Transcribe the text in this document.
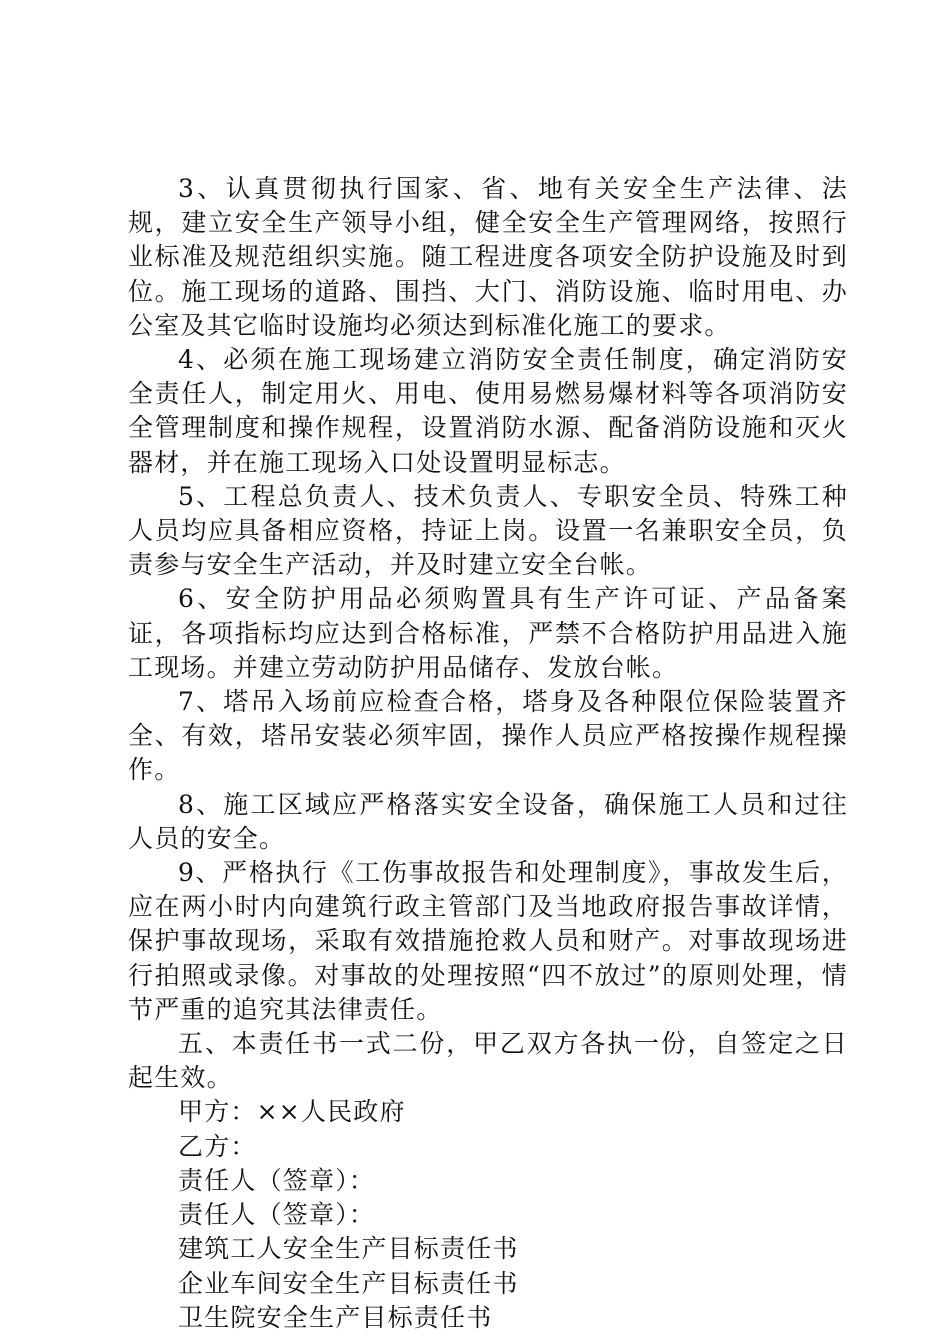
3、认真贯彻执行国家、省、地有关安全生产法律、法规，建立安全生产领导小组，健全安全生产管理网络，按照行业标准及规范组织实施。随工程进度各项安全防护设施及时到位。施工现场的道路、围挡、大门、消防设施、临时用电、办公室及其它临时设施均必须达到标准化施工的要求。

4、必须在施工现场建立消防安全责任制度，确定消防安全责任人，制定用火、用电、使用易燃易爆材料等各项消防安全管理制度和操作规程，设置消防水源、配备消防设施和灭火器材，并在施工现场入口处设置明显标志。

5、工程总负责人、技术负责人、专职安全员、特殊工种人员均应具备相应资格，持证上岗。设置一名兼职安全员，负责参与安全生产活动，并及时建立安全台帐。

6、安全防护用品必须购置具有生产许可证、产品备案证，各项指标均应达到合格标准，严禁不合格防护用品进入施工现场。并建立劳动防护用品储存、发放台帐。

7、塔吊入场前应检查合格，塔身及各种限位保险装置齐全、有效，塔吊安装必须牢固，操作人员应严格按操作规程操作。

8、施工区域应严格落实安全设备，确保施工人员和过往人员的安全。

9、严格执行《工伤事故报告和处理制度》，事故发生后，应在两小时内向建筑行政主管部门及当地政府报告事故详情，保护事故现场，采取有效措施抢救人员和财产。对事故现场进行拍照或录像。对事故的处理按照“四不放过”的原则处理，情节严重的追究其法律责任。

五、本责任书一式二份，甲乙双方各执一份，自签定之日起生效。

甲方：××人民政府

乙方：

责任人（签章）：

责任人（签章）：

建筑工人安全生产目标责任书

企业车间安全生产目标责任书

卫生院安全生产目标责任书
